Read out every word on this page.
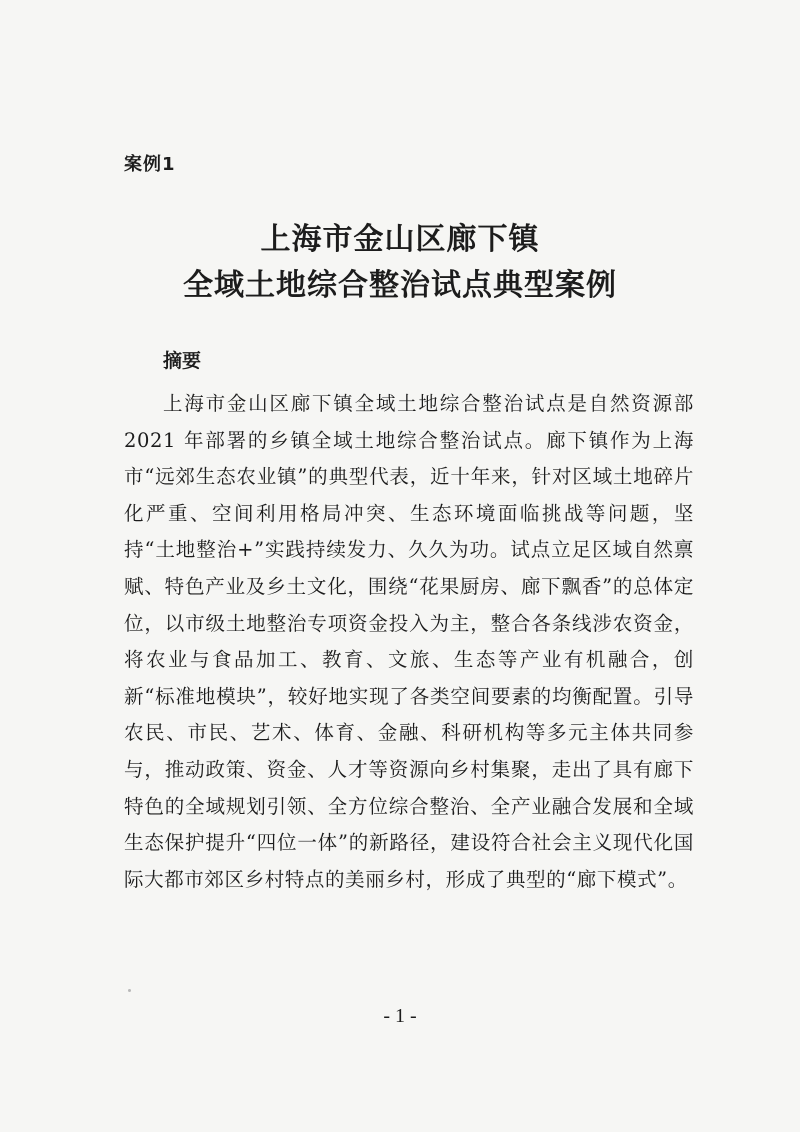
案例1
上海市金山区廊下镇
全域土地综合整治试点典型案例
摘要

上海市金山区廊下镇全域土地综合整治试点是自然资源部 2021 年部署的乡镇全域土地综合整治试点。廊下镇作为上海市“远郊生态农业镇”的典型代表，近十年来，针对区域土地碎片化严重、空间利用格局冲突、生态环境面临挑战等问题，坚持“土地整治+”实践持续发力、久久为功。试点立足区域自然禀赋、特色产业及乡土文化，围绕“花果厨房、廊下飘香”的总体定位，以市级土地整治专项资金投入为主，整合各条线涉农资金，将农业与食品加工、教育、文旅、生态等产业有机融合，创新“标准地模块”，较好地实现了各类空间要素的均衡配置。引导农民、市民、艺术、体育、金融、科研机构等多元主体共同参与，推动政策、资金、人才等资源向乡村集聚，走出了具有廊下特色的全域规划引领、全方位综合整治、全产业融合发展和全域生态保护提升“四位一体”的新路径，建设符合社会主义现代化国际大都市郊区乡村特点的美丽乡村，形成了典型的“廊下模式”。

- 1 -
